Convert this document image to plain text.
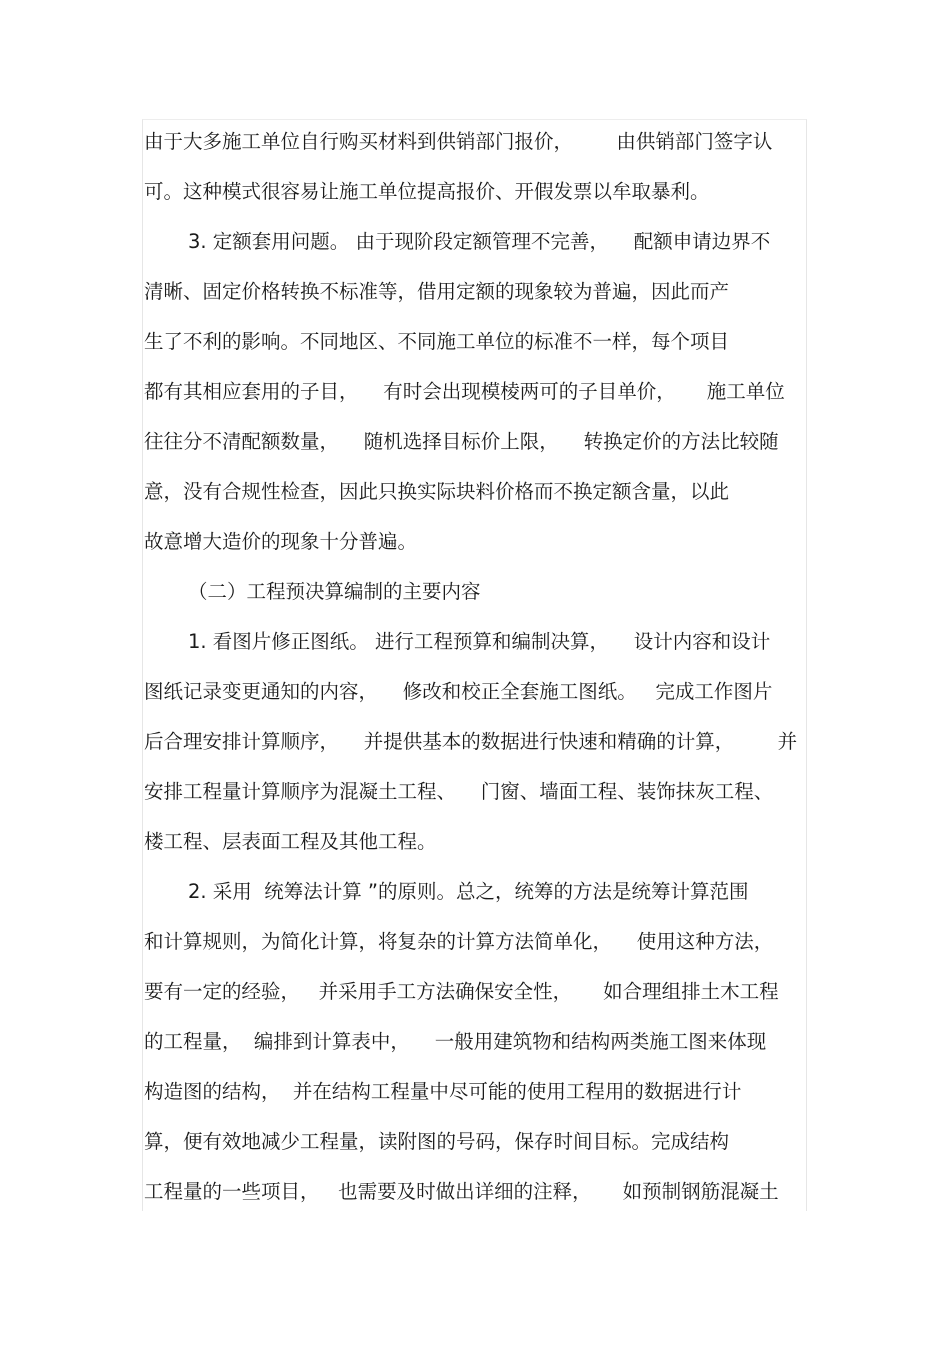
由于大多施工单位自行购买材料到供销部门报价，       由供销部门签字认
可。这种模式很容易让施工单位提高报价、开假发票以牟取暴利。
3. 定额套用问题。 由于现阶段定额管理不完善，    配额申请边界不
清晰、固定价格转换不标准等，借用定额的现象较为普遍，因此而产
生了不利的影响。不同地区、不同施工单位的标准不一样，每个项目
都有其相应套用的子目，    有时会出现模棱两可的子目单价，     施工单位
往往分不清配额数量，    随机选择目标价上限，    转换定价的方法比较随
意，没有合规性检查，因此只换实际块料价格而不换定额含量，以此
故意增大造价的现象十分普遍。
（二）工程预决算编制的主要内容
1. 看图片修正图纸。 进行工程预算和编制决算，    设计内容和设计
图纸记录变更通知的内容，    修改和校正全套施工图纸。   完成工作图片
后合理安排计算顺序，    并提供基本的数据进行快速和精确的计算，       并
安排工程量计算顺序为混凝土工程、    门窗、墙面工程、装饰抹灰工程、
楼工程、层表面工程及其他工程。
2. 采用  统筹法计算 ”的原则。总之，统筹的方法是统筹计算范围
和计算规则，为简化计算，将复杂的计算方法简单化，    使用这种方法，
要有一定的经验，   并采用手工方法确保安全性，     如合理组排土木工程
的工程量，  编排到计算表中，    一般用建筑物和结构两类施工图来体现
构造图的结构，  并在结构工程量中尽可能的使用工程用的数据进行计
算，便有效地减少工程量，读附图的号码，保存时间目标。完成结构
工程量的一些项目，   也需要及时做出详细的注释，     如预制钢筋混凝土
